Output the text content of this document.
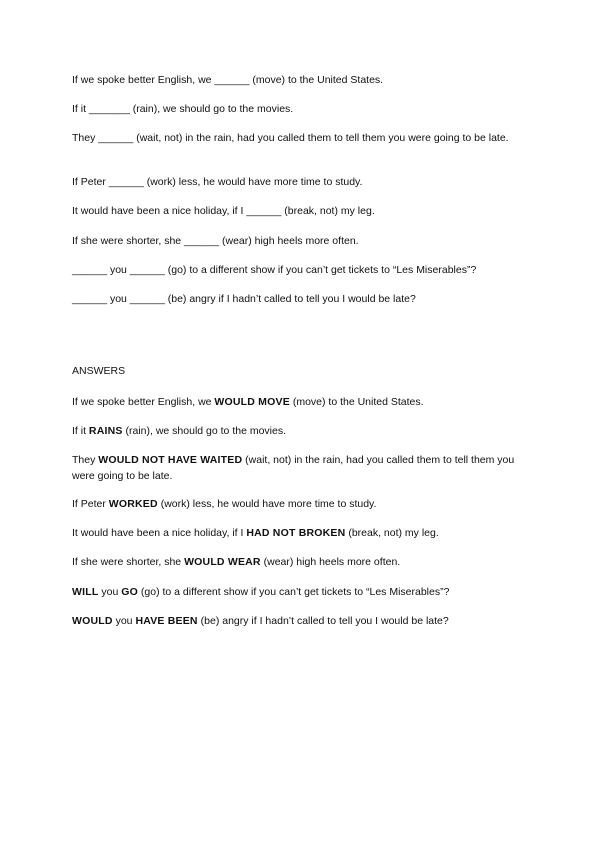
If we spoke better English, we ______ (move) to the United States.

If it _______ (rain), we should go to the movies.

They ______ (wait, not) in the rain, had you called them to tell them you were going to be late.

If Peter ______ (work) less, he would have more time to study.

It would have been a nice holiday, if I ______ (break, not) my leg.

If she were shorter, she ______ (wear) high heels more often.

______ you ______ (go) to a different show if you can’t get tickets to “Les Miserables”?

______ you ______ (be) angry if I hadn’t called to tell you I would be late?

ANSWERS

If we spoke better English, we WOULD MOVE (move) to the United States.

If it RAINS (rain), we should go to the movies.

They WOULD NOT HAVE WAITED (wait, not) in the rain, had you called them to tell them you were going to be late.

If Peter WORKED (work) less, he would have more time to study.

It would have been a nice holiday, if I HAD NOT BROKEN (break, not) my leg.

If she were shorter, she WOULD WEAR (wear) high heels more often.

WILL you GO (go) to a different show if you can’t get tickets to “Les Miserables”?

WOULD you HAVE BEEN (be) angry if I hadn’t called to tell you I would be late?
